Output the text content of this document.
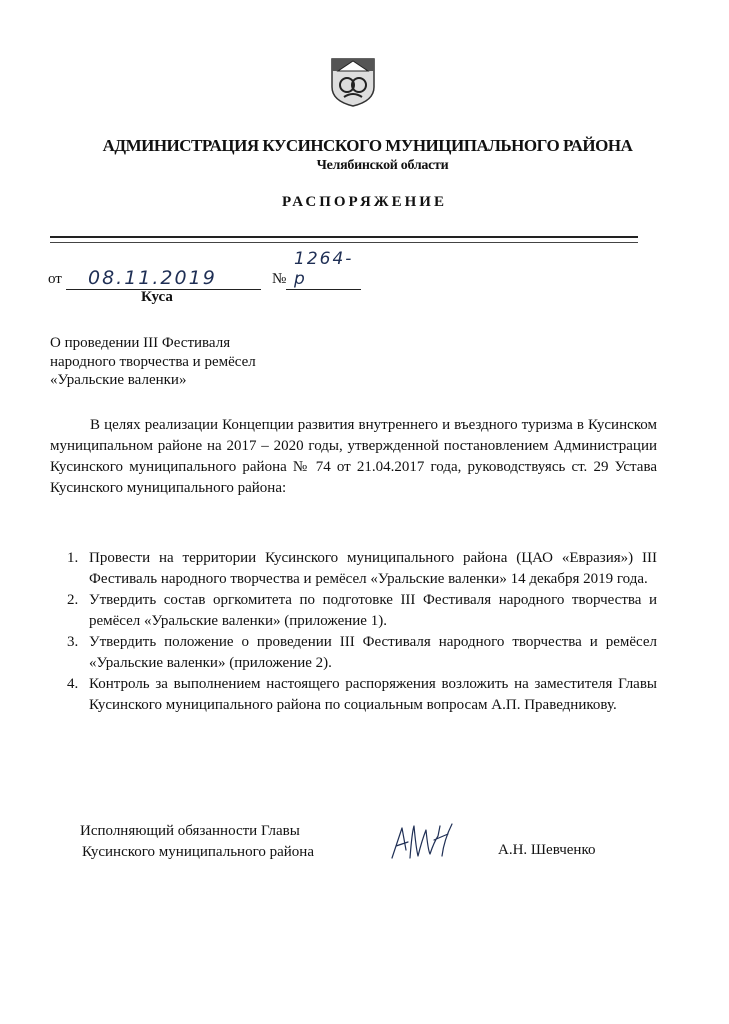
АДМИНИСТРАЦИЯ КУСИНСКОГО МУНИЦИПАЛЬНОГО РАЙОНА
Челябинской области
РАСПОРЯЖЕНИЕ
от 08.11.2019	№
1264-р
Куса
О проведении III Фестиваля
народного творчества и ремёсел
«Уральские валенки»

В целях реализации Концепции развития внутреннего и въездного туризма в Кусинском муниципальном районе на 2017 – 2020 годы, утвержденной постановлением Администрации Кусинского муниципального района № 74 от 21.04.2017 года, руководствуясь ст. 29 Устава Кусинского муниципального района:

1. Провести на территории Кусинского муниципального района (ЦАО «Евразия») III Фестиваль народного творчества и ремёсел «Уральские валенки» 14 декабря 2019 года.
2. Утвердить состав оргкомитета по подготовке III Фестиваля народного творчества и ремёсел «Уральские валенки» (приложение 1).
3. Утвердить положение о проведении III Фестиваля народного творчества и ремёсел «Уральские валенки» (приложение 2).
4. Контроль за выполнением настоящего распоряжения возложить на заместителя Главы Кусинского муниципального района по социальным вопросам А.П. Праведникову.
Исполняющий обязанности Главы
Кусинского муниципального района	А.Н. Шевченко
